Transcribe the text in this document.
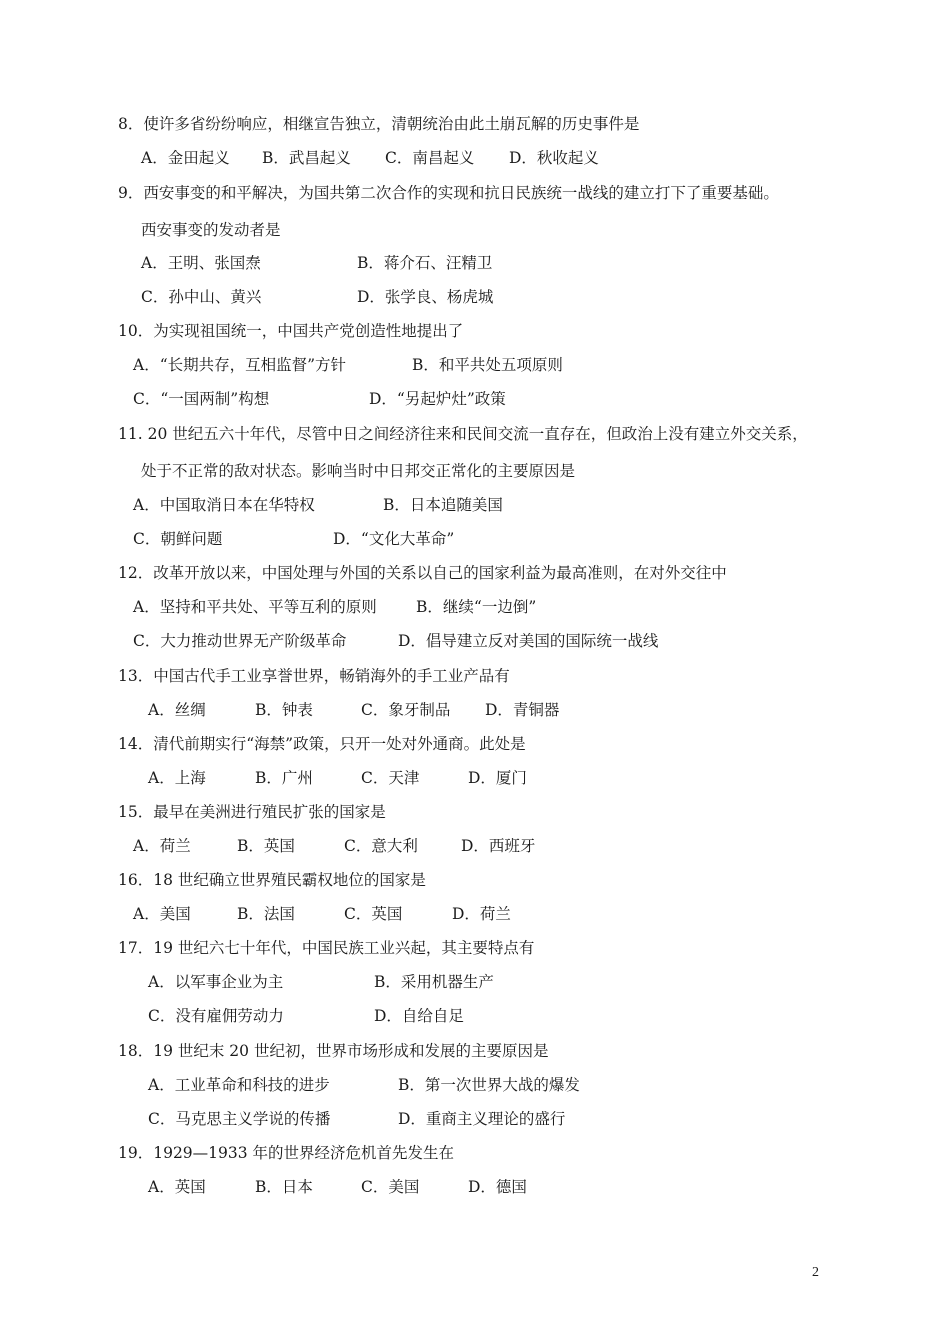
8．使许多省纷纷响应，相继宣告独立，清朝统治由此土崩瓦解的历史事件是
A．金田起义 B．武昌起义 C．南昌起义 D．秋收起义
9．西安事变的和平解决，为国共第二次合作的实现和抗日民族统一战线的建立打下了重要基础。
西安事变的发动者是
A．王明、张国焘	B．蒋介石、汪精卫
C．孙中山、黄兴	D．张学良、杨虎城
10．为实现祖国统一，中国共产党创造性地提出了
A．“长期共存，互相监督”方针	B．和平共处五项原则
C．“一国两制”构想	D．“另起炉灶”政策
11. 20 世纪五六十年代，尽管中日之间经济往来和民间交流一直存在，但政治上没有建立外交关系，
处于不正常的敌对状态。影响当时中日邦交正常化的主要原因是
A．中国取消日本在华特权	B．日本追随美国
C．朝鲜问题	D．“文化大革命”
12．改革开放以来，中国处理与外国的关系以自己的国家利益为最高准则，在对外交往中
A．坚持和平共处、平等互利的原则	B．继续“一边倒”
C．大力推动世界无产阶级革命	D．倡导建立反对美国的国际统一战线
13．中国古代手工业享誉世界，畅销海外的手工业产品有
A．丝绸	B．钟表	C．象牙制品 D．青铜器
14．清代前期实行“海禁”政策，只开一处对外通商。此处是
A．上海	B．广州	C．天津	D．厦门
15．最早在美洲进行殖民扩张的国家是
A．荷兰	B．英国	C．意大利	D．西班牙
16．18 世纪确立世界殖民霸权地位的国家是
A．美国	B．法国	C．英国	D．荷兰
17．19 世纪六七十年代，中国民族工业兴起，其主要特点有
A．以军事企业为主	B．采用机器生产
C．没有雇佣劳动力	D．自给自足
18．19 世纪末 20 世纪初，世界市场形成和发展的主要原因是
A．工业革命和科技的进步	B．第一次世界大战的爆发
C．马克思主义学说的传播	D．重商主义理论的盛行
19．1929—1933 年的世界经济危机首先发生在
A．英国	B．日本	C．美国	D．德国
2
